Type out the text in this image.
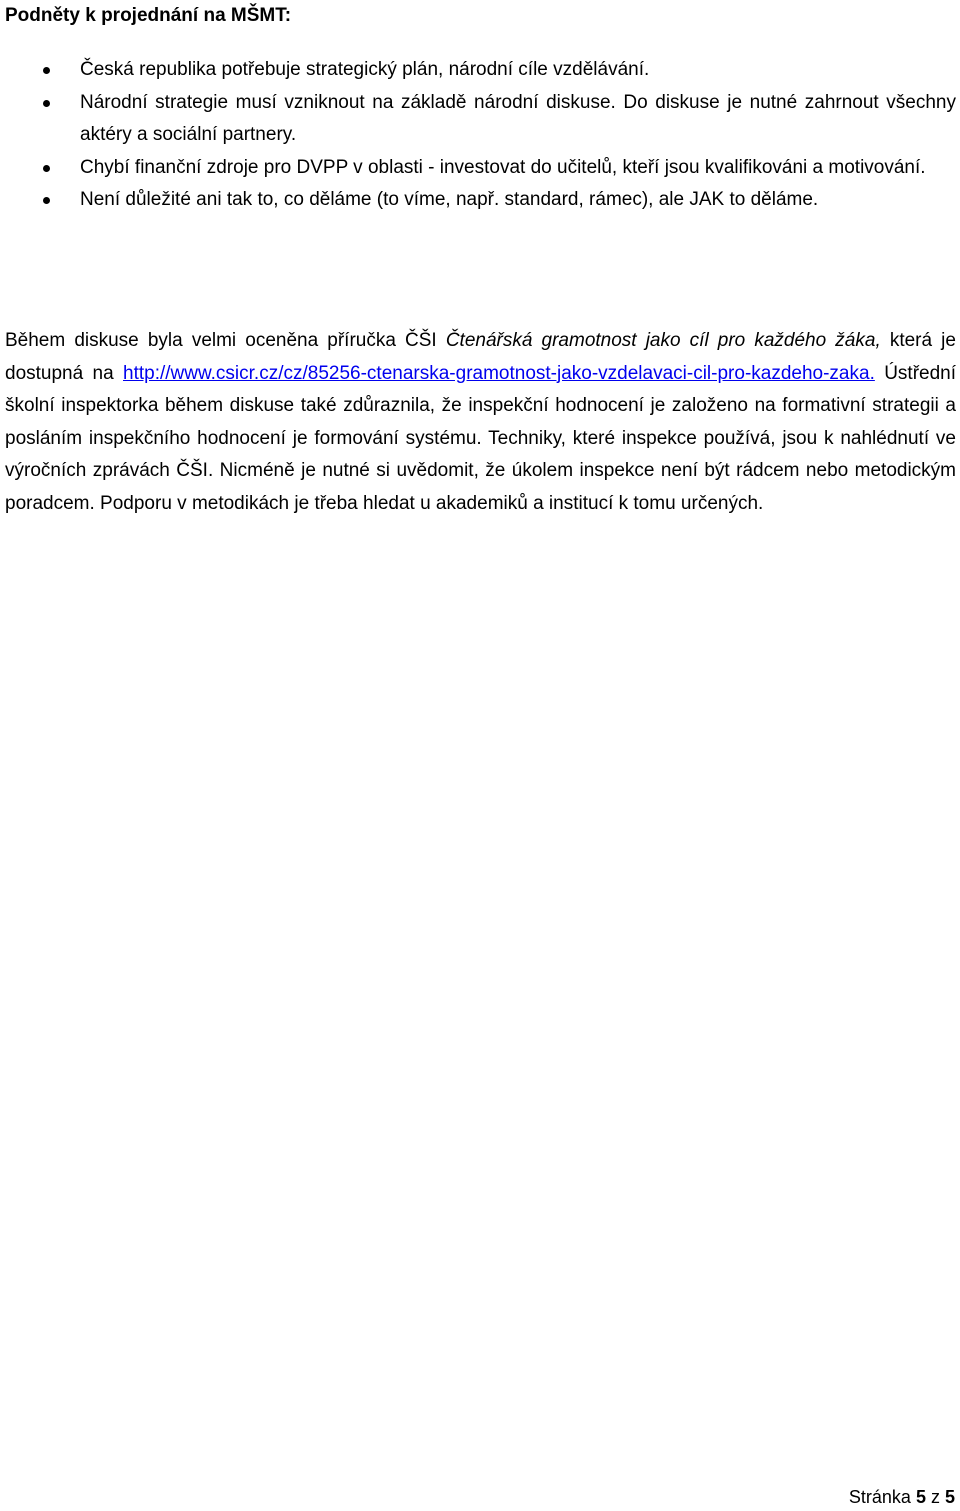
Podněty k projednání na MŠMT:

Česká republika potřebuje strategický plán, národní cíle vzdělávání.
Národní strategie musí vzniknout na základě národní diskuse. Do diskuse je nutné zahrnout všechny aktéry a sociální partnery.
Chybí finanční zdroje pro DVPP v oblasti - investovat do učitelů, kteří jsou kvalifikováni a motivování.
Není důležité ani tak to, co děláme (to víme, např. standard, rámec), ale JAK to děláme.

Během diskuse byla velmi oceněna příručka ČŠI Čtenářská gramotnost jako cíl pro každého žáka, která je dostupná na http://www.csicr.cz/cz/85256-ctenarska-gramotnost-jako-vzdelavaci-cil-pro-kazdeho-zaka. Ústřední školní inspektorka během diskuse také zdůraznila, že inspekční hodnocení je založeno na formativní strategii a posláním inspekčního hodnocení je formování systému. Techniky, které inspekce používá, jsou k nahlédnutí ve výročních zprávách ČŠI. Nicméně je nutné si uvědomit, že úkolem inspekce není být rádcem nebo metodickým poradcem. Podporu v metodikách je třeba hledat u akademiků a institucí k tomu určených.

Stránka 5 z 5
